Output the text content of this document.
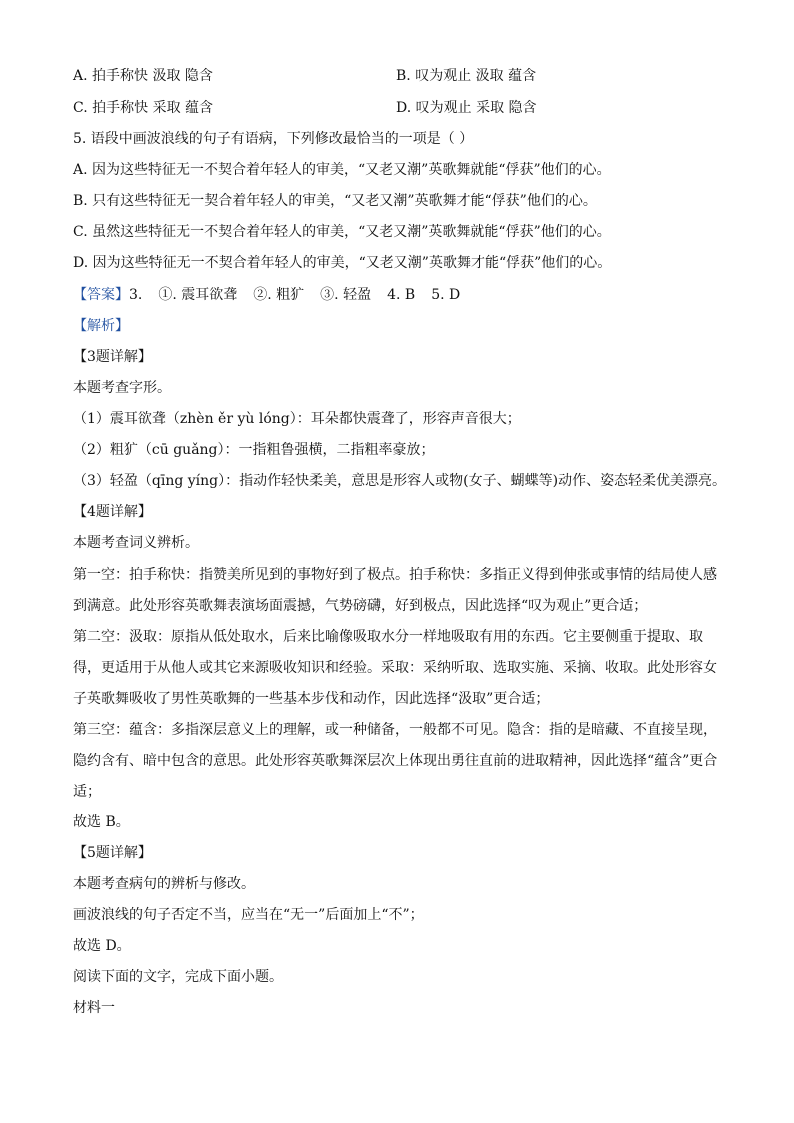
A. 拍手称快 汲取 隐含	B. 叹为观止 汲取 蕴含
C. 拍手称快 采取 蕴含	D. 叹为观止 采取 隐含
5. 语段中画波浪线的句子有语病，下列修改最恰当的一项是（ ）
A. 因为这些特征无一不契合着年轻人的审美，“又老又潮”英歌舞就能“俘获”他们的心。
B. 只有这些特征无一契合着年轻人的审美，“又老又潮”英歌舞才能“俘获”他们的心。
C. 虽然这些特征无一不契合着年轻人的审美，“又老又潮”英歌舞就能“俘获”他们的心。
D. 因为这些特征无一不契合着年轻人的审美，“又老又潮”英歌舞才能“俘获”他们的心。
【答案】3. ①. 震耳欲聋 ②. 粗犷 ③. 轻盈 4. B 5. D
【解析】
【3题详解】
本题考查字形。
（1）震耳欲聋（zhèn ěr yù lóng）：耳朵都快震聋了，形容声音很大；
（2）粗犷（cū guǎng）：一指粗鲁强横，二指粗率豪放；
（3）轻盈（qīng yíng）：指动作轻快柔美，意思是形容人或物(女子、蝴蝶等)动作、姿态轻柔优美漂亮。
【4题详解】
本题考查词义辨析。
第一空：拍手称快：指赞美所见到的事物好到了极点。拍手称快：多指正义得到伸张或事情的结局使人感到满意。此处形容英歌舞表演场面震撼，气势磅礴，好到极点，因此选择“叹为观止”更合适；
第二空：汲取：原指从低处取水，后来比喻像吸取水分一样地吸取有用的东西。它主要侧重于提取、取得，更适用于从他人或其它来源吸收知识和经验。采取：采纳听取、选取实施、采摘、收取。此处形容女子英歌舞吸收了男性英歌舞的一些基本步伐和动作，因此选择“汲取”更合适；
第三空：蕴含：多指深层意义上的理解，或一种储备，一般都不可见。隐含：指的是暗藏、不直接呈现，隐约含有、暗中包含的意思。此处形容英歌舞深层次上体现出勇往直前的进取精神，因此选择“蕴含”更合适；
故选 B。
【5题详解】
本题考查病句的辨析与修改。
画波浪线的句子否定不当，应当在“无一”后面加上“不”；
故选 D。
阅读下面的文字，完成下面小题。
材料一
